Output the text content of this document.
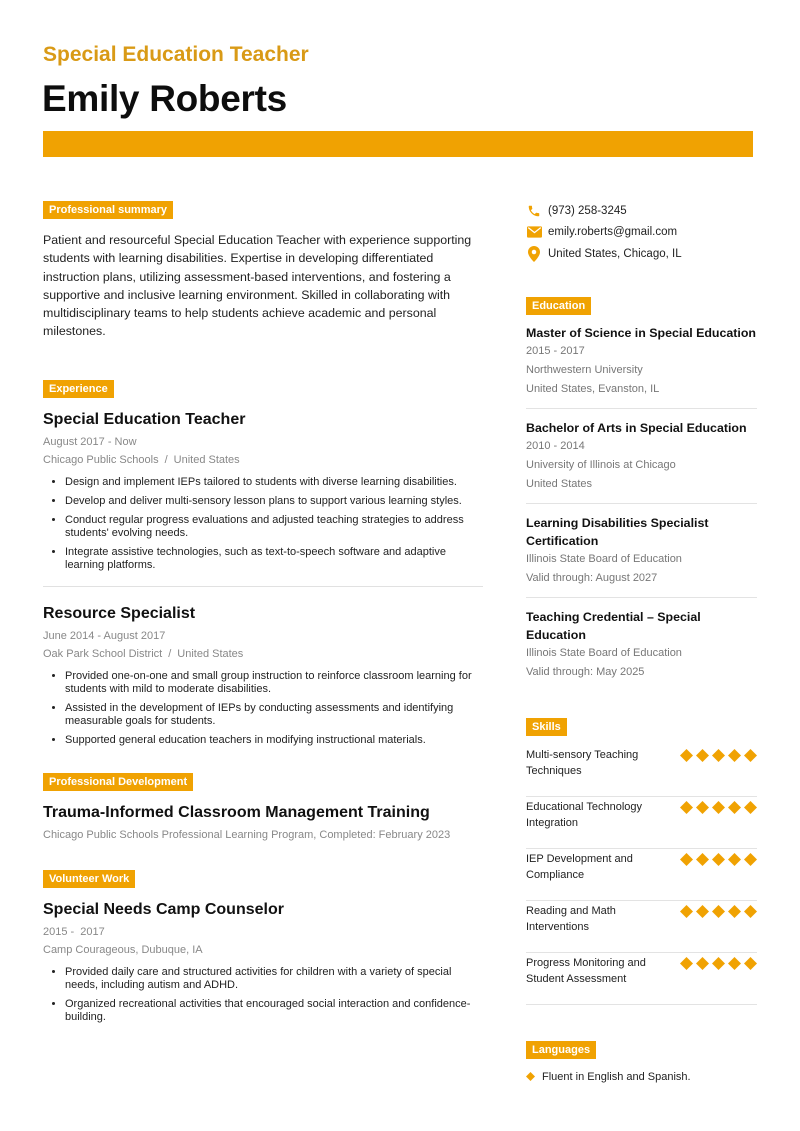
Special Education Teacher
Emily Roberts
Professional summary
Patient and resourceful Special Education Teacher with experience supporting students with learning disabilities. Expertise in developing differentiated instruction plans, utilizing assessment-based interventions, and fostering a supportive and inclusive learning environment. Skilled in collaborating with multidisciplinary teams to help students achieve academic and personal milestones.
Experience
Special Education Teacher
August 2017 - Now
Chicago Public Schools / United States
• Design and implement IEPs tailored to students with diverse learning disabilities.
• Develop and deliver multi-sensory lesson plans to support various learning styles.
• Conduct regular progress evaluations and adjusted teaching strategies to address students' evolving needs.
• Integrate assistive technologies, such as text-to-speech software and adaptive learning platforms.
Resource Specialist
June 2014 - August 2017
Oak Park School District / United States
• Provided one-on-one and small group instruction to reinforce classroom learning for students with mild to moderate disabilities.
• Assisted in the development of IEPs by conducting assessments and identifying measurable goals for students.
• Supported general education teachers in modifying instructional materials.
Professional Development
Trauma-Informed Classroom Management Training
Chicago Public Schools Professional Learning Program, Completed: February 2023
Volunteer Work
Special Needs Camp Counselor
2015 -  2017
Camp Courageous, Dubuque, IA
• Provided daily care and structured activities for children with a variety of special needs, including autism and ADHD.
• Organized recreational activities that encouraged social interaction and confidence-building.
(973) 258-3245
emily.roberts@gmail.com
United States, Chicago, IL
Education
Master of Science in Special Education
2015 - 2017
Northwestern University
United States, Evanston, IL
Bachelor of Arts in Special Education
2010 - 2014
University of Illinois at Chicago
United States
Learning Disabilities Specialist Certification
Illinois State Board of Education
Valid through: August 2027
Teaching Credential – Special Education
Illinois State Board of Education
Valid through: May 2025
Skills
Multi-sensory Teaching Techniques
Educational Technology Integration
IEP Development and Compliance
Reading and Math Interventions
Progress Monitoring and Student Assessment
Languages
Fluent in English and Spanish.
